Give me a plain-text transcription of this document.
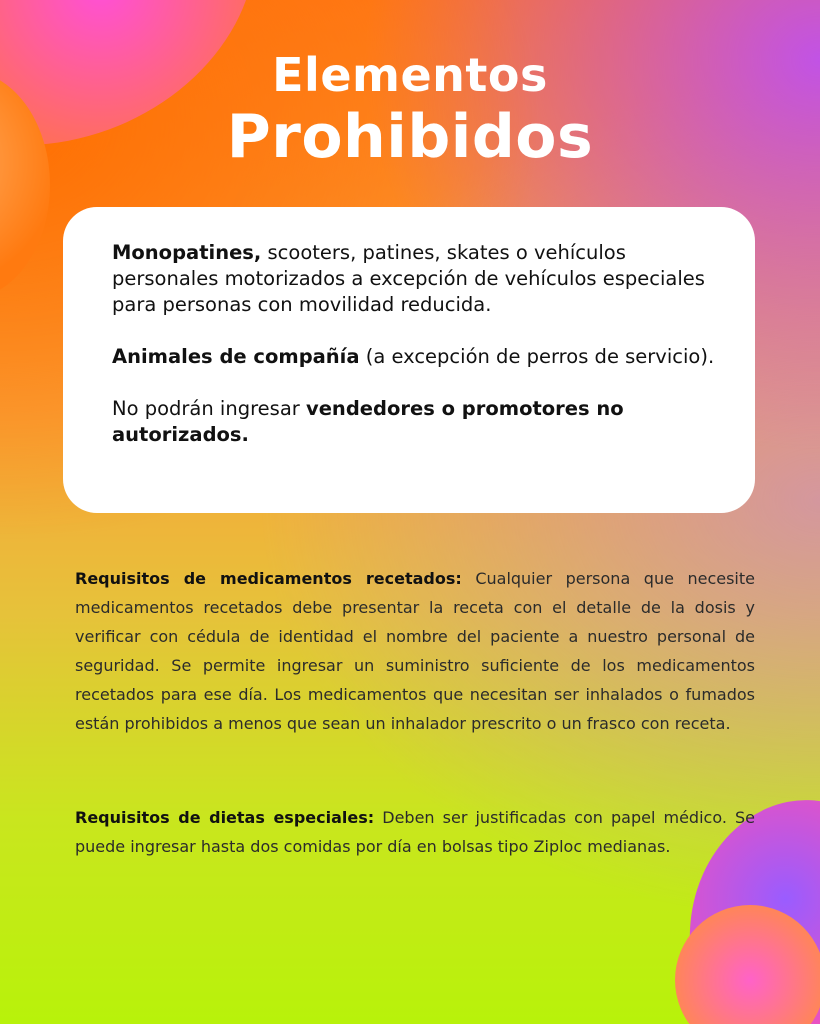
Elementos
Prohibidos

Monopatines, scooters, patines, skates o vehículos personales motorizados a excepción de vehículos especiales para personas con movilidad reducida.

Animales de compañía (a excepción de perros de servicio).

No podrán ingresar vendedores o promotores no autorizados.

Requisitos de medicamentos recetados: Cualquier persona que necesite medicamentos recetados debe presentar la receta con el detalle de la dosis y verificar con cédula de identidad el nombre del paciente a nuestro personal de seguridad. Se permite ingresar un suministro suficiente de los medicamentos recetados para ese día. Los medicamentos que necesitan ser inhalados o fumados están prohibidos a menos que sean un inhalador prescrito o un frasco con receta.

Requisitos de dietas especiales: Deben ser justificadas con papel médico. Se puede ingresar hasta dos comidas por día en bolsas tipo Ziploc medianas.
